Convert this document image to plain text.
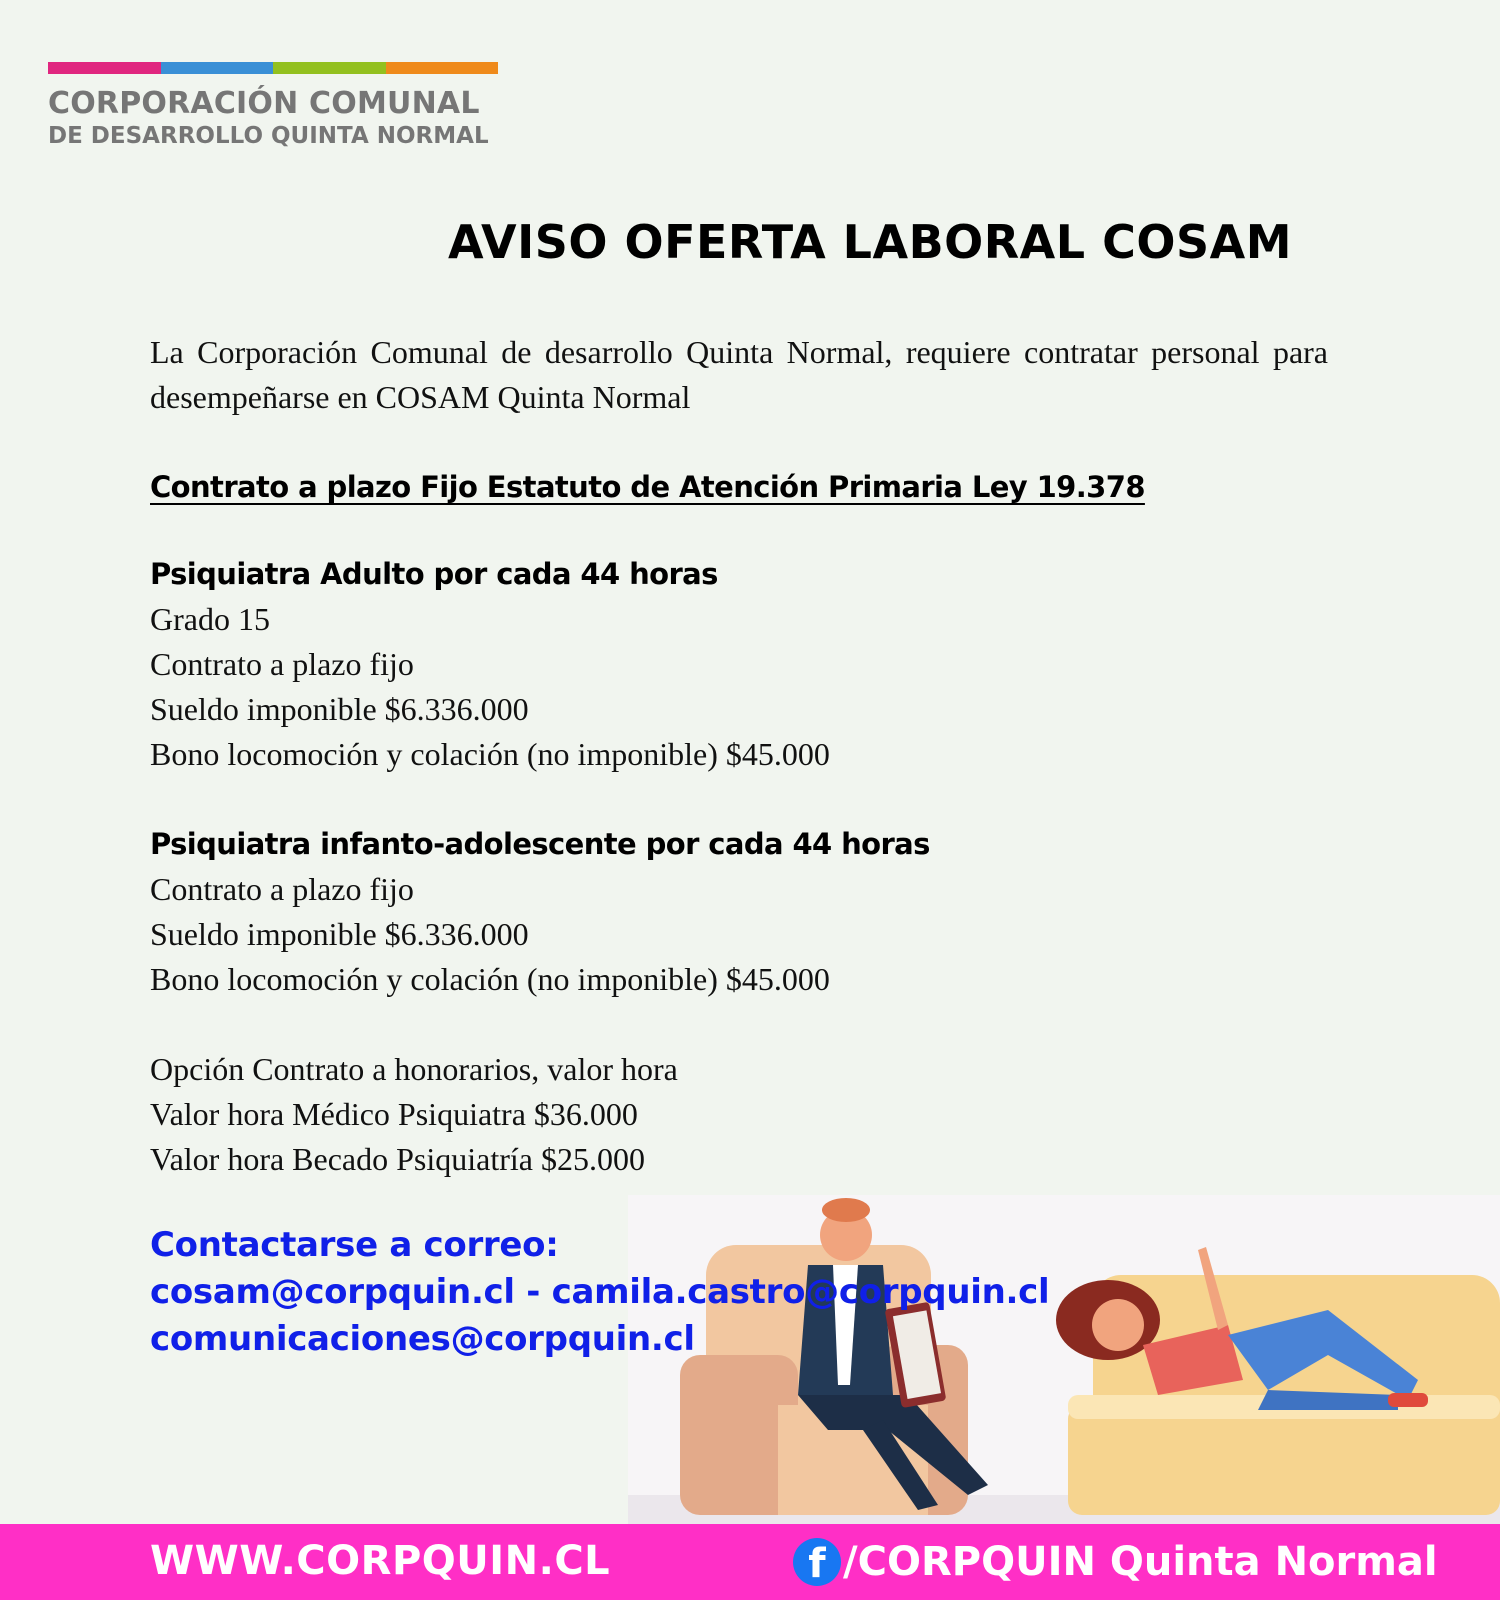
CORPORACIÓN COMUNAL
DE DESARROLLO QUINTA NORMAL
AVISO OFERTA LABORAL COSAM
La Corporación Comunal de desarrollo Quinta Normal, requiere contratar personal para desempeñarse en COSAM Quinta Normal
Contrato a plazo Fijo Estatuto de Atención Primaria Ley 19.378
Psiquiatra Adulto por cada 44 horas
Grado 15
Contrato a plazo fijo
Sueldo imponible $6.336.000
Bono locomoción y colación (no imponible) $45.000
Psiquiatra infanto-adolescente por cada 44 horas
Contrato a plazo fijo
Sueldo imponible $6.336.000
Bono locomoción y colación (no imponible) $45.000
Opción Contrato a honorarios, valor hora
Valor hora Médico Psiquiatra $36.000
Valor hora Becado Psiquiatría $25.000
Contactarse a correo:
cosam@corpquin.cl - camila.castro@corpquin.cl
comunicaciones@corpquin.cl
WWW.CORPQUIN.CL	f /CORPQUIN Quinta Normal
